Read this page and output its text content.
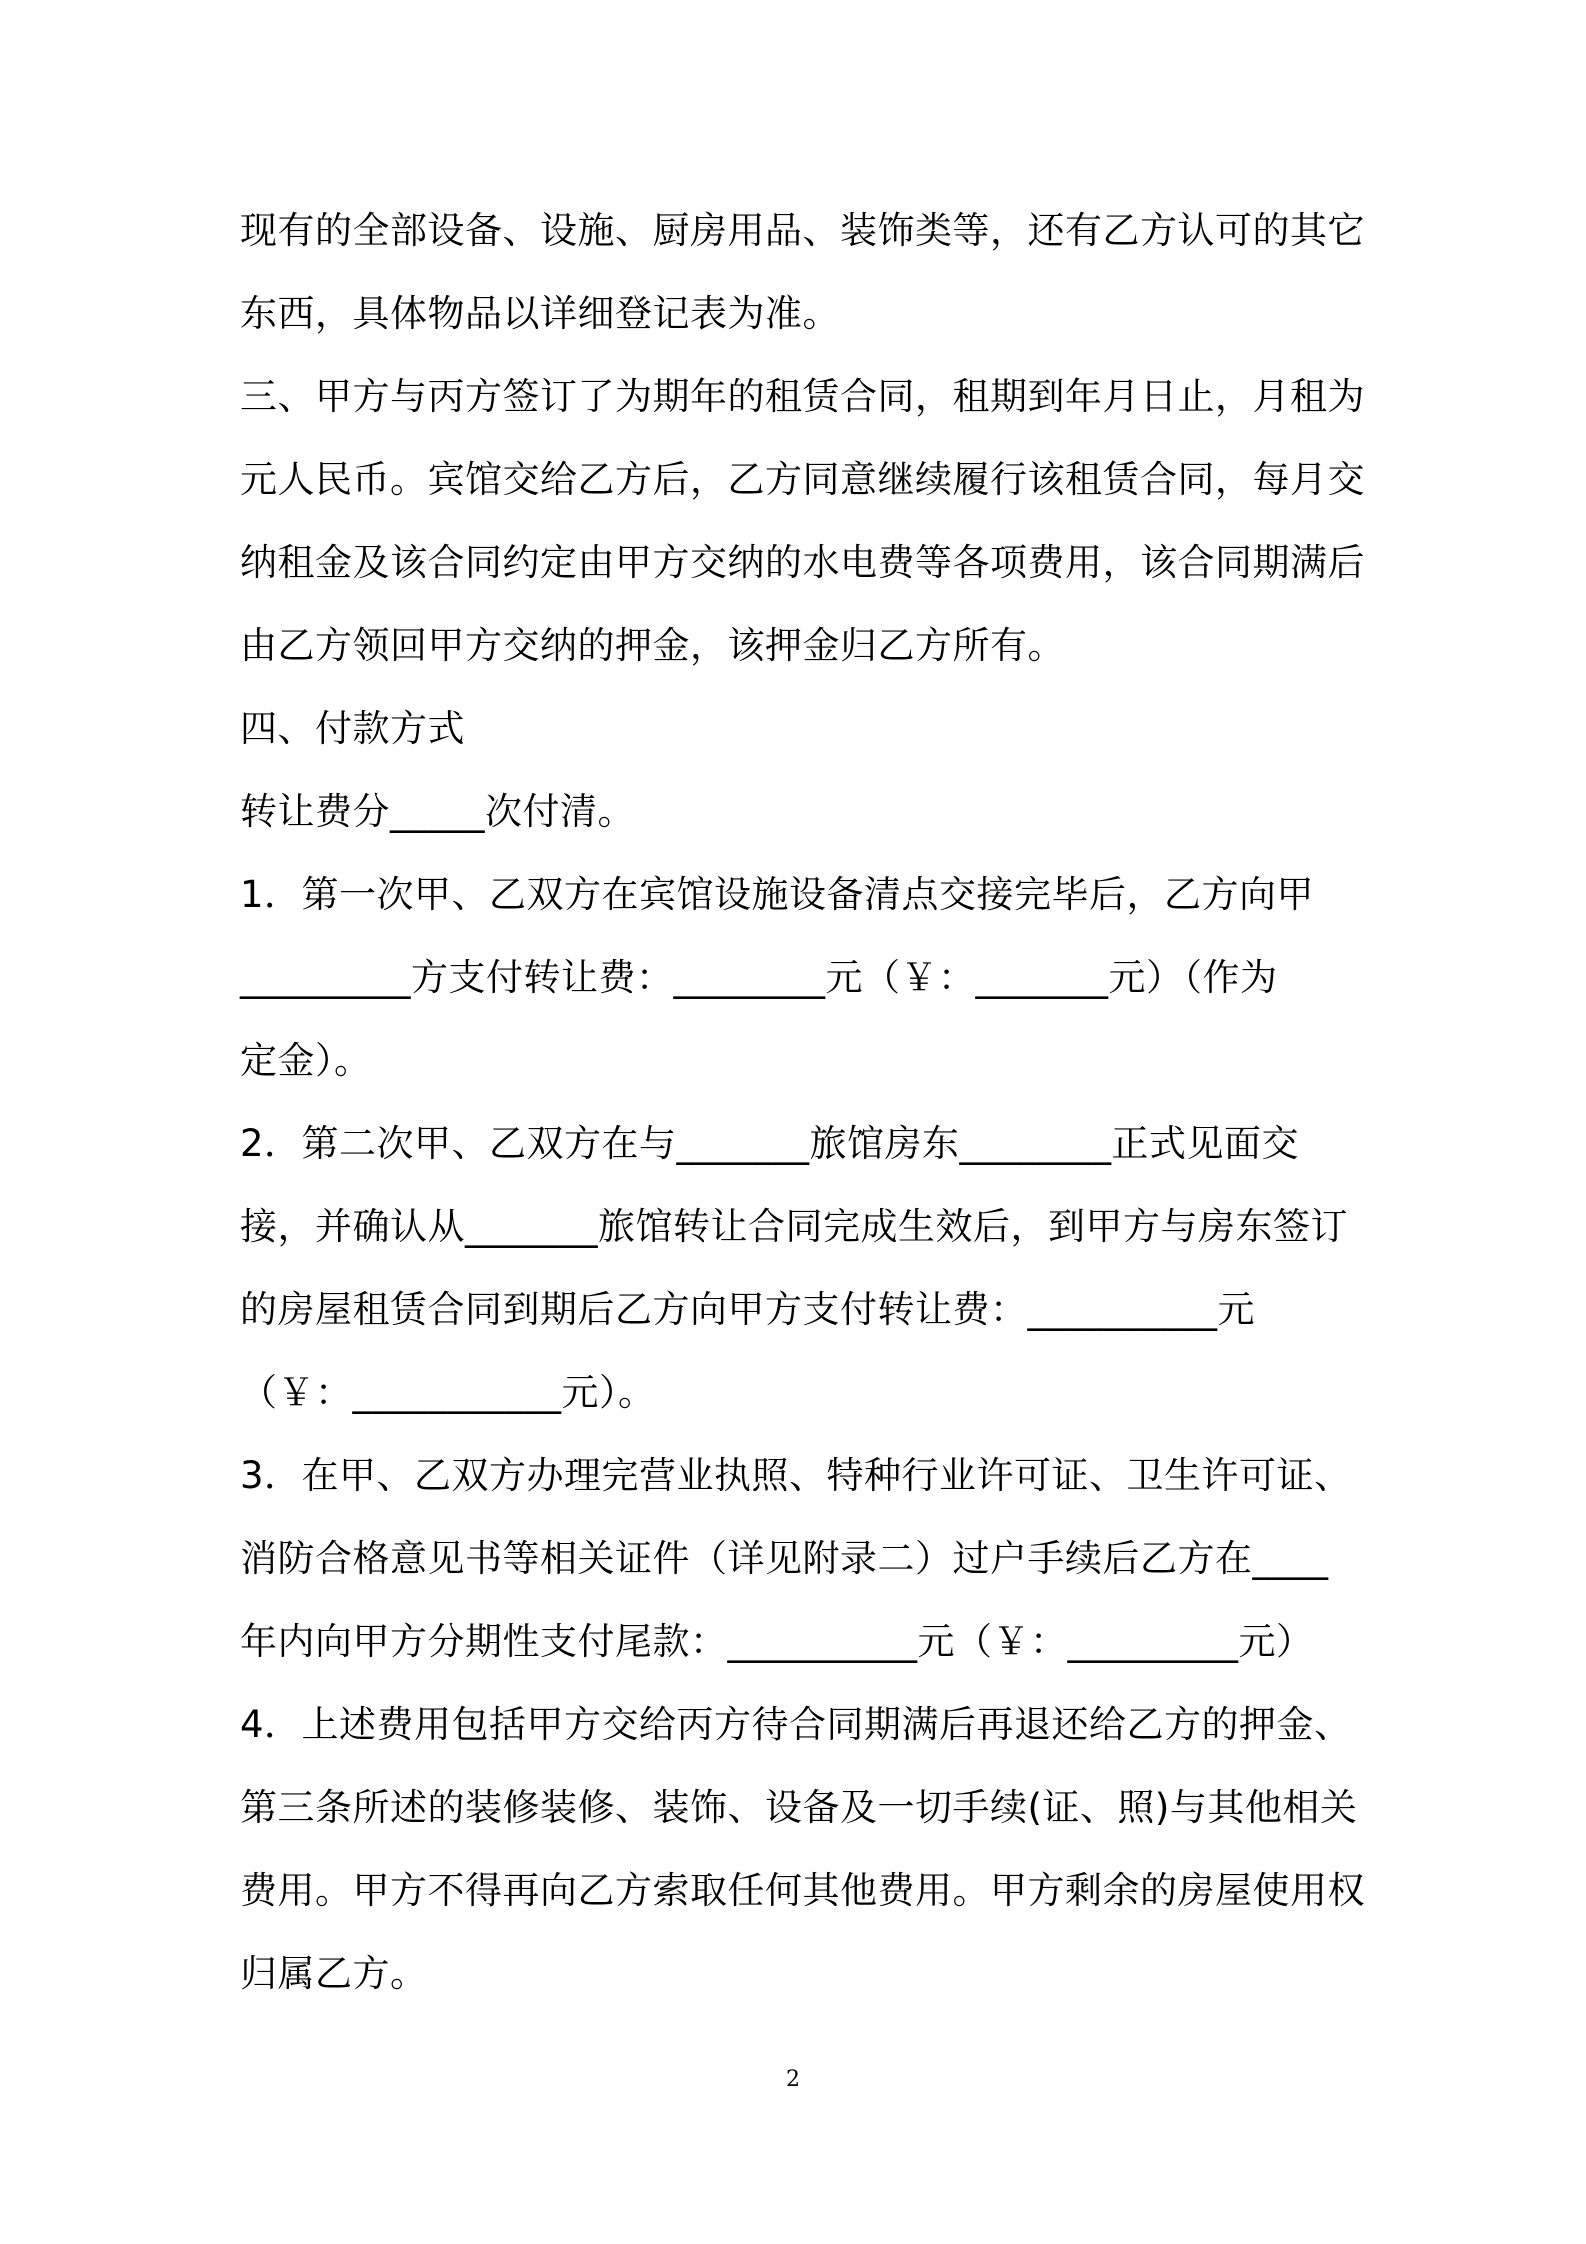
现有的全部设备、设施、厨房用品、装饰类等，还有乙方认可的其它
东西，具体物品以详细登记表为准。
三、甲方与丙方签订了为期年的租赁合同，租期到年月日止，月租为
元人民币。宾馆交给乙方后，乙方同意继续履行该租赁合同，每月交
纳租金及该合同约定由甲方交纳的水电费等各项费用，该合同期满后
由乙方领回甲方交纳的押金，该押金归乙方所有。
四、付款方式
转让费分_____次付清。
1．第一次甲、乙双方在宾馆设施设备清点交接完毕后，乙方向甲
_________方支付转让费：________元（￥：_______元）（作为
定金）。
2．第二次甲、乙双方在与_______旅馆房东________正式见面交
接，并确认从_______旅馆转让合同完成生效后，到甲方与房东签订
的房屋租赁合同到期后乙方向甲方支付转让费：__________元
（￥：___________元）。
3．在甲、乙双方办理完营业执照、特种行业许可证、卫生许可证、
消防合格意见书等相关证件（详见附录二）过户手续后乙方在____
年内向甲方分期性支付尾款：__________元（￥：_________元）
4．上述费用包括甲方交给丙方待合同期满后再退还给乙方的押金、
第三条所述的装修装修、装饰、设备及一切手续(证、照)与其他相关
费用。甲方不得再向乙方索取任何其他费用。甲方剩余的房屋使用权
归属乙方。
2
